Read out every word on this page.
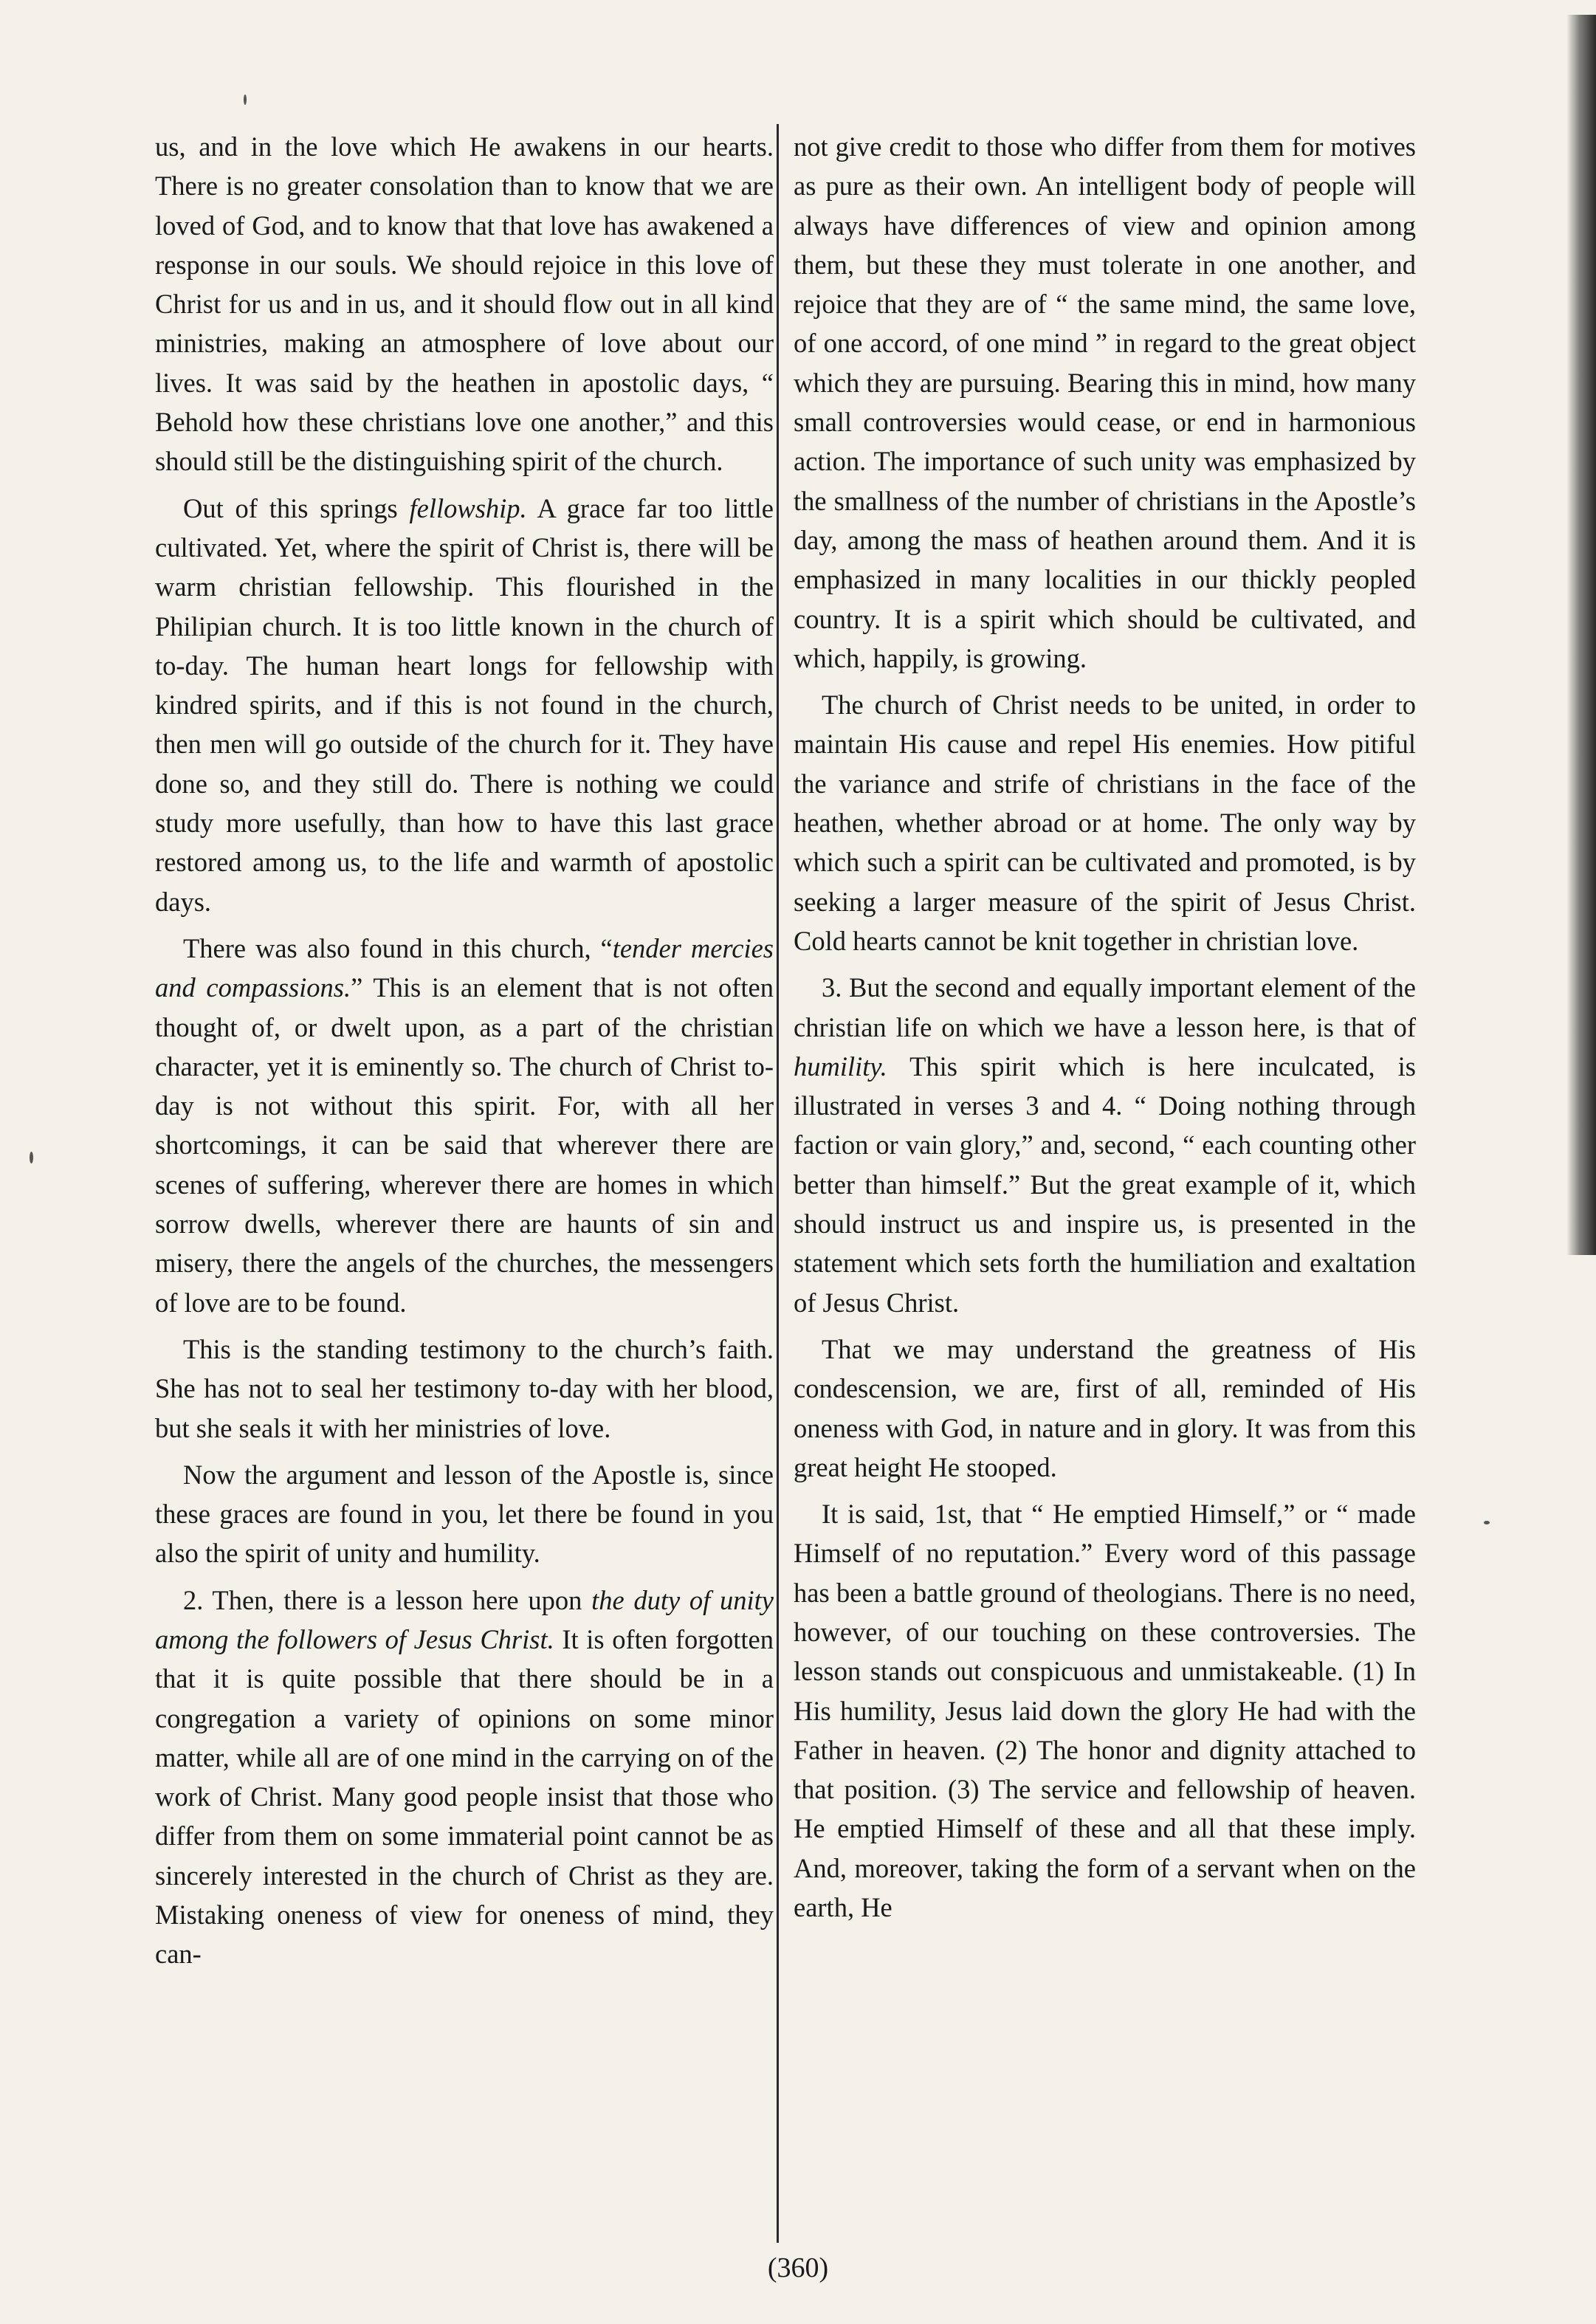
us, and in the love which He awakens in our hearts. There is no greater consolation than to know that we are loved of God, and to know that that love has awakened a response in our souls. We should rejoice in this love of Christ for us and in us, and it should flow out in all kind ministries, making an atmosphere of love about our lives. It was said by the heathen in apostolic days, “ Behold how these christians love one another,” and this should still be the distinguishing spirit of the church.

Out of this springs fellowship. A grace far too little cultivated. Yet, where the spirit of Christ is, there will be warm christian fellowship. This flourished in the Philipian church. It is too little known in the church of to-day. The human heart longs for fellowship with kindred spirits, and if this is not found in the church, then men will go outside of the church for it. They have done so, and they still do. There is nothing we could study more usefully, than how to have this last grace restored among us, to the life and warmth of apostolic days.

There was also found in this church, “tender mercies and compassions.” This is an element that is not often thought of, or dwelt upon, as a part of the christian character, yet it is eminently so. The church of Christ to-day is not without this spirit. For, with all her shortcomings, it can be said that wherever there are scenes of suffering, wherever there are homes in which sorrow dwells, wherever there are haunts of sin and misery, there the angels of the churches, the messengers of love are to be found.

This is the standing testimony to the church’s faith. She has not to seal her testimony to-day with her blood, but she seals it with her ministries of love.

Now the argument and lesson of the Apostle is, since these graces are found in you, let there be found in you also the spirit of unity and humility.

2. Then, there is a lesson here upon the duty of unity among the followers of Jesus Christ. It is often forgotten that it is quite possible that there should be in a congregation a variety of opinions on some minor matter, while all are of one mind in the carrying on of the work of Christ. Many good people insist that those who differ from them on some immaterial point cannot be as sincerely interested in the church of Christ as they are. Mistaking oneness of view for oneness of mind, they can-

not give credit to those who differ from them for motives as pure as their own. An intelligent body of people will always have differences of view and opinion among them, but these they must tolerate in one another, and rejoice that they are of “ the same mind, the same love, of one accord, of one mind ” in regard to the great object which they are pursuing. Bearing this in mind, how many small controversies would cease, or end in harmonious action. The importance of such unity was emphasized by the smallness of the number of christians in the Apostle’s day, among the mass of heathen around them. And it is emphasized in many localities in our thickly peopled country. It is a spirit which should be cultivated, and which, happily, is growing.

The church of Christ needs to be united, in order to maintain His cause and repel His enemies. How pitiful the variance and strife of christians in the face of the heathen, whether abroad or at home. The only way by which such a spirit can be cultivated and promoted, is by seeking a larger measure of the spirit of Jesus Christ. Cold hearts cannot be knit together in christian love.

3. But the second and equally important element of the christian life on which we have a lesson here, is that of humility. This spirit which is here inculcated, is illustrated in verses 3 and 4. “ Doing nothing through faction or vain glory,” and, second, “ each counting other better than himself.” But the great example of it, which should instruct us and inspire us, is presented in the statement which sets forth the humiliation and exaltation of Jesus Christ.

That we may understand the greatness of His condescension, we are, first of all, reminded of His oneness with God, in nature and in glory. It was from this great height He stooped.

It is said, 1st, that “ He emptied Himself,” or “ made Himself of no reputation.” Every word of this passage has been a battle ground of theologians. There is no need, however, of our touching on these controversies. The lesson stands out conspicuous and unmistakeable. (1) In His humility, Jesus laid down the glory He had with the Father in heaven. (2) The honor and dignity attached to that position. (3) The service and fellowship of heaven. He emptied Himself of these and all that these imply. And, moreover, taking the form of a servant when on the earth, He

(360)
